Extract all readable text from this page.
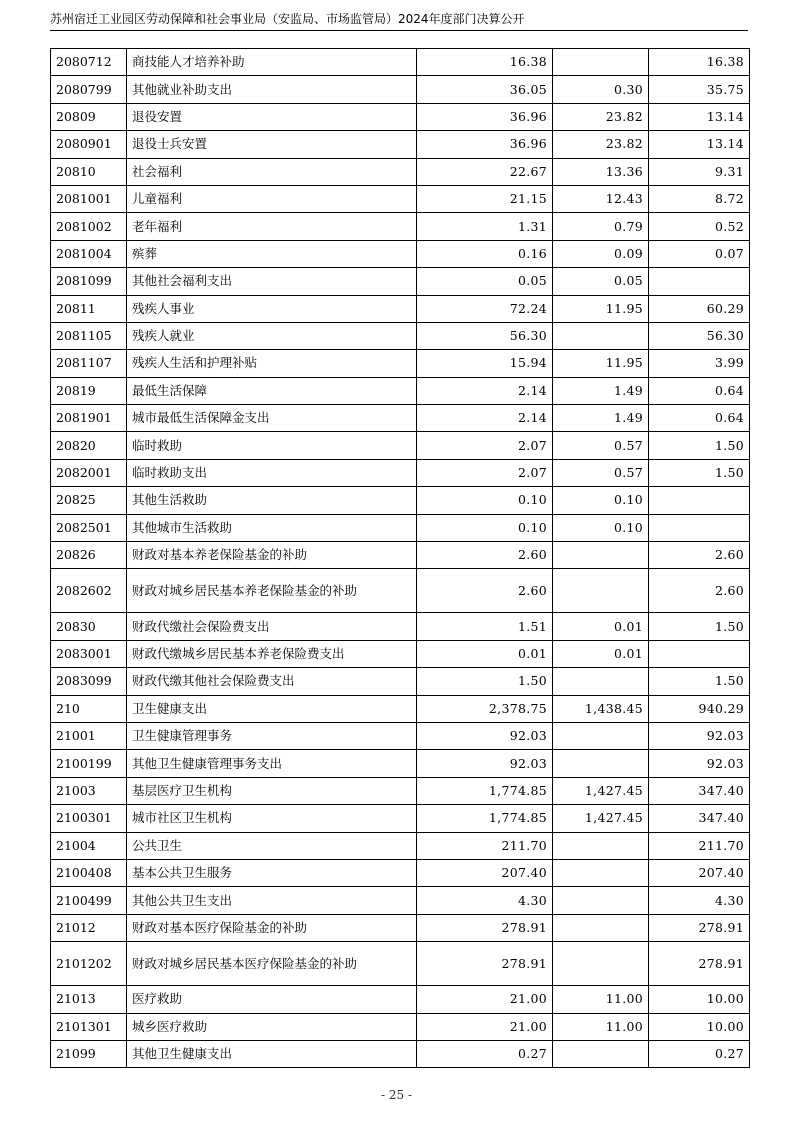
苏州宿迁工业园区劳动保障和社会事业局（安监局、市场监管局）2024年度部门决算公开
2080712	商技能人才培养补助	16.38		16.38
2080799	其他就业补助支出	36.05	0.30	35.75
20809	退役安置	36.96	23.82	13.14
2080901	退役士兵安置	36.96	23.82	13.14
20810	社会福利	22.67	13.36	9.31
2081001	儿童福利	21.15	12.43	8.72
2081002	老年福利	1.31	0.79	0.52
2081004	殡葬	0.16	0.09	0.07
2081099	其他社会福利支出	0.05	0.05	
20811	残疾人事业	72.24	11.95	60.29
2081105	残疾人就业	56.30		56.30
2081107	残疾人生活和护理补贴	15.94	11.95	3.99
20819	最低生活保障	2.14	1.49	0.64
2081901	城市最低生活保障金支出	2.14	1.49	0.64
20820	临时救助	2.07	0.57	1.50
2082001	临时救助支出	2.07	0.57	1.50
20825	其他生活救助	0.10	0.10	
2082501	其他城市生活救助	0.10	0.10	
20826	财政对基本养老保险基金的补助	2.60		2.60
2082602	财政对城乡居民基本养老保险基金的补助	2.60		2.60
20830	财政代缴社会保险费支出	1.51	0.01	1.50
2083001	财政代缴城乡居民基本养老保险费支出	0.01	0.01	
2083099	财政代缴其他社会保险费支出	1.50		1.50
210	卫生健康支出	2,378.75	1,438.45	940.29
21001	卫生健康管理事务	92.03		92.03
2100199	其他卫生健康管理事务支出	92.03		92.03
21003	基层医疗卫生机构	1,774.85	1,427.45	347.40
2100301	城市社区卫生机构	1,774.85	1,427.45	347.40
21004	公共卫生	211.70		211.70
2100408	基本公共卫生服务	207.40		207.40
2100499	其他公共卫生支出	4.30		4.30
21012	财政对基本医疗保险基金的补助	278.91		278.91
2101202	财政对城乡居民基本医疗保险基金的补助	278.91		278.91
21013	医疗救助	21.00	11.00	10.00
2101301	城乡医疗救助	21.00	11.00	10.00
21099	其他卫生健康支出	0.27		0.27
- 25 -
